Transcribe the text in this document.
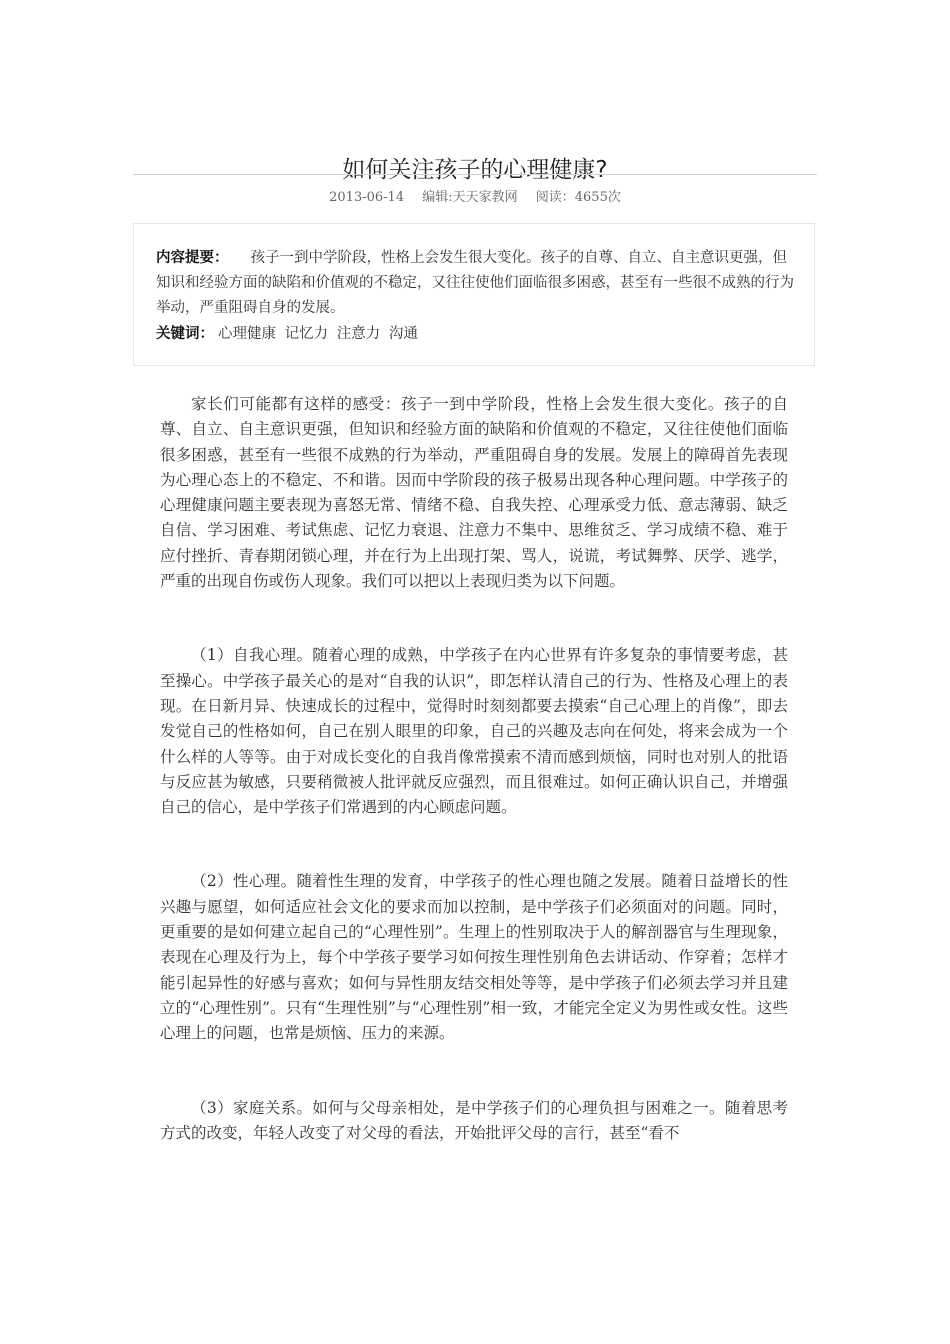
如何关注孩子的心理健康?
2013-06-14 编辑:天天家教网 阅读：4655次
内容提要： 孩子一到中学阶段，性格上会发生很大变化。孩子的自尊、自立、自主意识更强，但知识和经验方面的缺陷和价值观的不稳定，又往往使他们面临很多困惑，甚至有一些很不成熟的行为举动，严重阻碍自身的发展。
关键词： 心理健康 记忆力 注意力 沟通

家长们可能都有这样的感受：孩子一到中学阶段，性格上会发生很大变化。孩子的自尊、自立、自主意识更强，但知识和经验方面的缺陷和价值观的不稳定，又往往使他们面临很多困惑，甚至有一些很不成熟的行为举动，严重阻碍自身的发展。发展上的障碍首先表现为心理心态上的不稳定、不和谐。因而中学阶段的孩子极易出现各种心理问题。中学孩子的心理健康问题主要表现为喜怒无常、情绪不稳、自我失控、心理承受力低、意志薄弱、缺乏自信、学习困难、考试焦虑、记忆力衰退、注意力不集中、思维贫乏、学习成绩不稳、难于应付挫折、青春期闭锁心理，并在行为上出现打架、骂人，说谎，考试舞弊、厌学、逃学，严重的出现自伤或伤人现象。我们可以把以上表现归类为以下问题。

（1）自我心理。随着心理的成熟，中学孩子在内心世界有许多复杂的事情要考虑，甚至操心。中学孩子最关心的是对“自我的认识”，即怎样认清自己的行为、性格及心理上的表现。在日新月异、快速成长的过程中，觉得时时刻刻都要去摸索“自己心理上的肖像”，即去发觉自己的性格如何，自己在别人眼里的印象，自己的兴趣及志向在何处，将来会成为一个什么样的人等等。由于对成长变化的自我肖像常摸索不清而感到烦恼，同时也对别人的批语与反应甚为敏感，只要稍微被人批评就反应强烈，而且很难过。如何正确认识自己，并增强自己的信心，是中学孩子们常遇到的内心顾虑问题。

（2）性心理。随着性生理的发育，中学孩子的性心理也随之发展。随着日益增长的性兴趣与愿望，如何适应社会文化的要求而加以控制，是中学孩子们必须面对的问题。同时，更重要的是如何建立起自己的“心理性别”。生理上的性别取决于人的解剖器官与生理现象，表现在心理及行为上，每个中学孩子要学习如何按生理性别角色去讲话动、作穿着；怎样才能引起异性的好感与喜欢；如何与异性朋友结交相处等等，是中学孩子们必须去学习并且建立的“心理性别”。只有“生理性别”与“心理性别”相一致，才能完全定义为男性或女性。这些心理上的问题，也常是烦恼、压力的来源。

（3）家庭关系。如何与父母亲相处，是中学孩子们的心理负担与困难之一。随着思考方式的改变，年轻人改变了对父母的看法，开始批评父母的言行，甚至“看不
